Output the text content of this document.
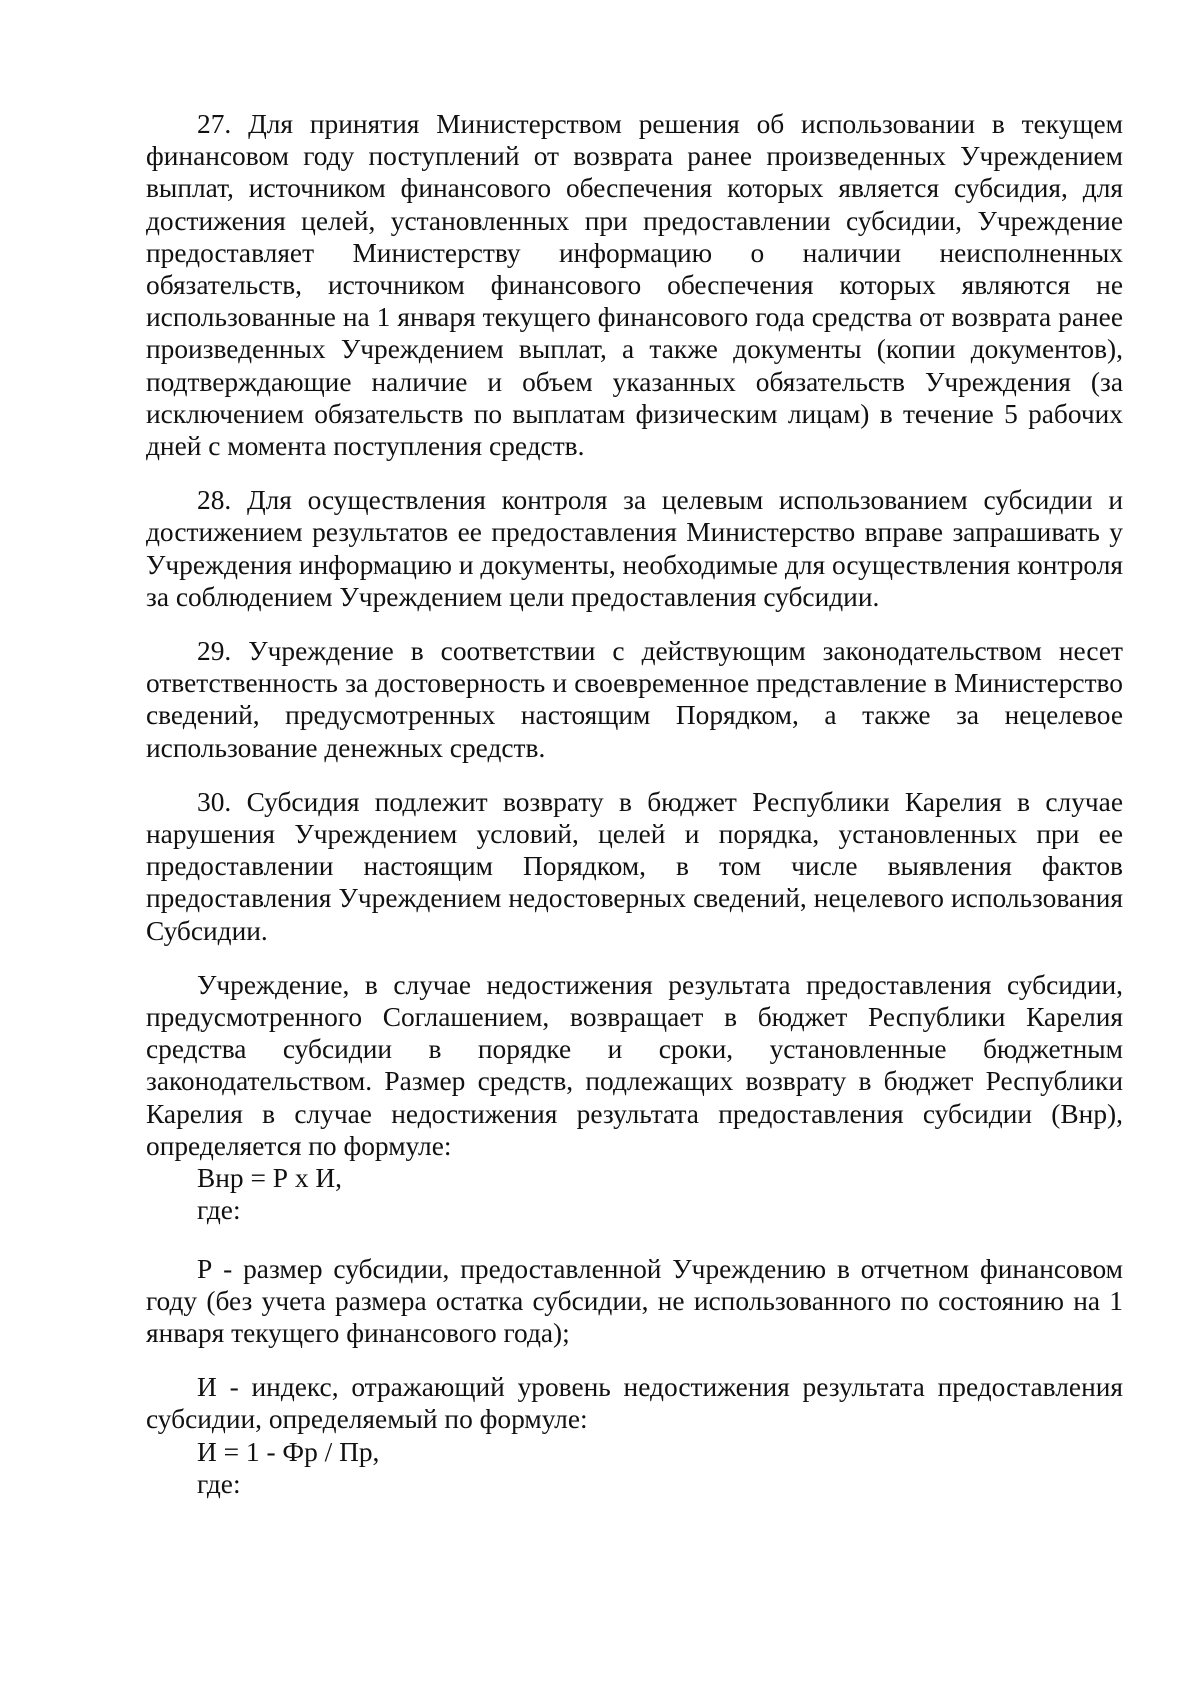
27. Для принятия Министерством решения об использовании в текущем финансовом году поступлений от возврата ранее произведенных Учреждением выплат, источником финансового обеспечения которых является субсидия, для достижения целей, установленных при предоставлении субсидии, Учреждение предоставляет Министерству информацию о наличии неисполненных обязательств, источником финансового обеспечения которых являются не использованные на 1 января текущего финансового года средства от возврата ранее произведенных Учреждением выплат, а также документы (копии документов), подтверждающие наличие и объем указанных обязательств Учреждения (за исключением обязательств по выплатам физическим лицам) в течение 5 рабочих дней с момента поступления средств.

28. Для осуществления контроля за целевым использованием субсидии и достижением результатов ее предоставления Министерство вправе запрашивать у Учреждения информацию и документы, необходимые для осуществления контроля за соблюдением Учреждением цели предоставления субсидии.

29. Учреждение в соответствии с действующим законодательством несет ответственность за достоверность и своевременное представление в Министерство сведений, предусмотренных настоящим Порядком, а также за нецелевое использование денежных средств.

30. Субсидия подлежит возврату в бюджет Республики Карелия в случае нарушения Учреждением условий, целей и порядка, установленных при ее предоставлении настоящим Порядком, в том числе выявления фактов предоставления Учреждением недостоверных сведений, нецелевого использования Субсидии.

Учреждение, в случае недостижения результата предоставления субсидии, предусмотренного Соглашением, возвращает в бюджет Республики Карелия средства субсидии в порядке и сроки, установленные бюджетным законодательством. Размер средств, подлежащих возврату в бюджет Республики Карелия в случае недостижения результата предоставления субсидии (Внр), определяется по формуле:

Внр = Р x И,

где:

Р - размер субсидии, предоставленной Учреждению в отчетном финансовом году (без учета размера остатка субсидии, не использованного по состоянию на 1 января текущего финансового года);

И - индекс, отражающий уровень недостижения результата предоставления субсидии, определяемый по формуле:

И = 1 - Фр / Пр,

где:
